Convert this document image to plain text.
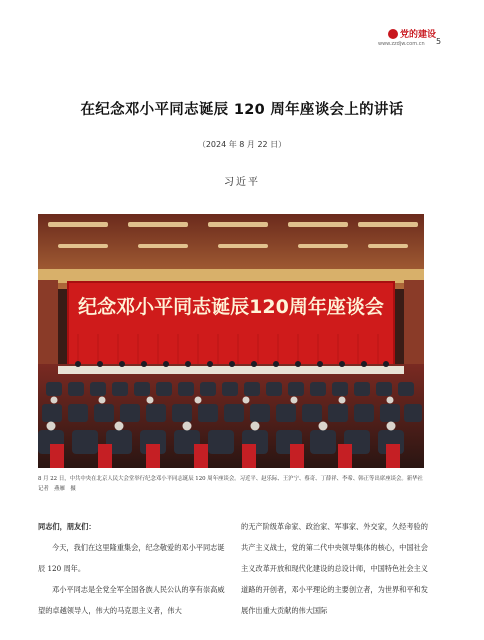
党的建设
www.zzdjw.com.cn 5
在纪念邓小平同志诞辰 120 周年座谈会上的讲话
（2024 年 8 月 22 日）
习近平
纪念邓小平同志诞辰120周年座谈会
8 月 22 日，中共中央在北京人民大会堂举行纪念邓小平同志诞辰 120 周年座谈会。习近平、赵乐际、王沪宁、蔡奇、丁薛祥、李希、韩正等出席座谈会。新华社记者　燕雁　摄
同志们，朋友们：

今天，我们在这里隆重集会，纪念敬爱的邓小平同志诞辰 120 周年。

邓小平同志是全党全军全国各族人民公认的享有崇高威望的卓越领导人，伟大的马克思主义者，伟大

的无产阶级革命家、政治家、军事家、外交家，久经考验的共产主义战士，党的第二代中央领导集体的核心，中国社会主义改革开放和现代化建设的总设计师，中国特色社会主义道路的开创者，邓小平理论的主要创立者，为世界和平和发展作出重大贡献的伟大国际
